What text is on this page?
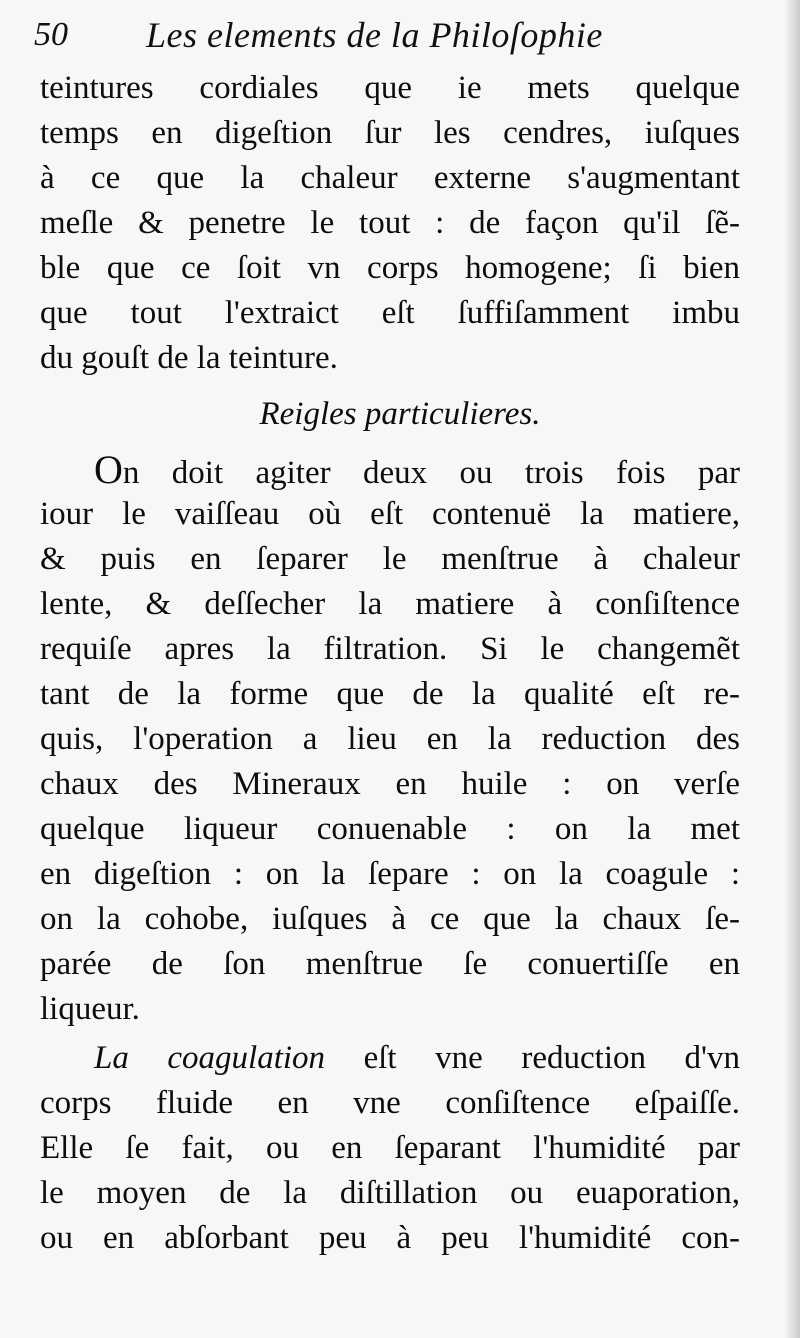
50 Les elements de la Philoſophie
teintures cordiales que ie mets quelque
temps en digeſtion ſur les cendres, iuſques
à ce que la chaleur externe s'augmentant
meſle & penetre le tout : de façon qu'il ſẽ-
ble que ce ſoit vn corps homogene; ſi bien
que tout l'extraict eſt ſuffiſamment imbu
du gouſt de la teinture.
Reigles particulieres.
On doit agiter deux ou trois fois par
iour le vaiſſeau où eſt contenuë la matiere,
& puis en ſeparer le menſtrue à chaleur
lente, & deſſecher la matiere à conſiſtence
requiſe apres la filtration. Si le changemẽt
tant de la forme que de la qualité eſt re-
quis, l'operation a lieu en la reduction des
chaux des Mineraux en huile : on verſe
quelque liqueur conuenable : on la met
en digeſtion : on la ſepare : on la coagule :
on la cohobe, iuſques à ce que la chaux ſe-
parée de ſon menſtrue ſe conuertiſſe en
liqueur.
La coagulation eſt vne reduction d'vn
corps fluide en vne conſiſtence eſpaiſſe.
Elle ſe fait, ou en ſeparant l'humidité par
le moyen de la diſtillation ou euaporation,
ou en abſorbant peu à peu l'humidité con-
